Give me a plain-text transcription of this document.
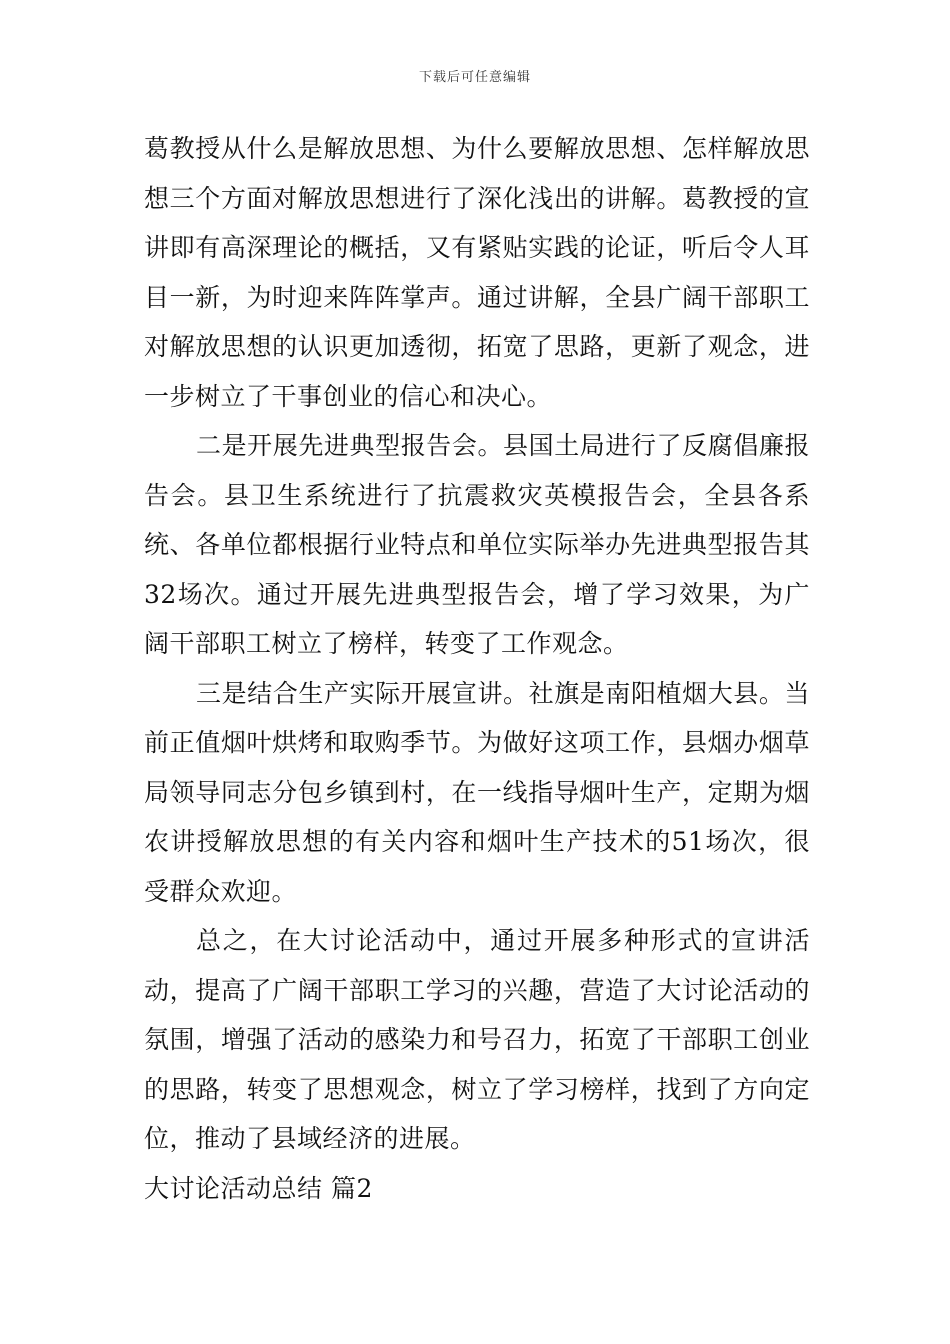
下载后可任意编辑

葛教授从什么是解放思想、为什么要解放思想、怎样解放思想三个方面对解放思想进行了深化浅出的讲解。葛教授的宣讲即有高深理论的概括，又有紧贴实践的论证，听后令人耳目一新，为时迎来阵阵掌声。通过讲解，全县广阔干部职工对解放思想的认识更加透彻，拓宽了思路，更新了观念，进一步树立了干事创业的信心和决心。

二是开展先进典型报告会。县国土局进行了反腐倡廉报告会。县卫生系统进行了抗震救灾英模报告会，全县各系统、各单位都根据行业特点和单位实际举办先进典型报告其32场次。通过开展先进典型报告会，增了学习效果，为广阔干部职工树立了榜样，转变了工作观念。

三是结合生产实际开展宣讲。社旗是南阳植烟大县。当前正值烟叶烘烤和取购季节。为做好这项工作，县烟办烟草局领导同志分包乡镇到村，在一线指导烟叶生产，定期为烟农讲授解放思想的有关内容和烟叶生产技术的51场次，很受群众欢迎。

总之，在大讨论活动中，通过开展多种形式的宣讲活动，提高了广阔干部职工学习的兴趣，营造了大讨论活动的氛围，增强了活动的感染力和号召力，拓宽了干部职工创业的思路，转变了思想观念，树立了学习榜样，找到了方向定位，推动了县域经济的进展。

大讨论活动总结 篇2
